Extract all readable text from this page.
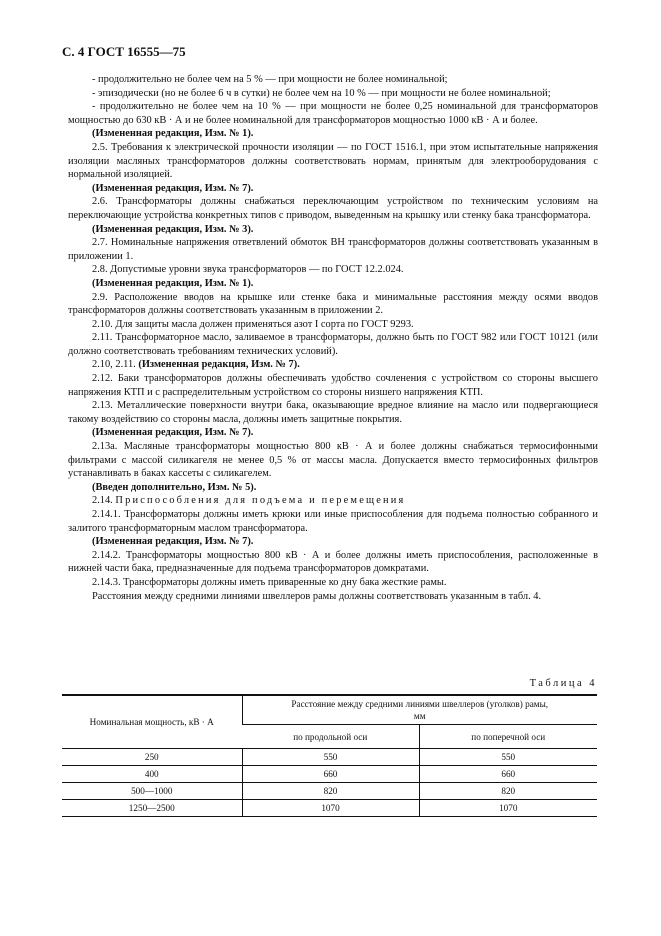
С. 4 ГОСТ 16555—75

- продолжительно не более чем на 5 % — при мощности не более номинальной;

- эпизодически (но не более 6 ч в сутки) не более чем на 10 % — при мощности не более номинальной;

- продолжительно не более чем на 10 % — при мощности не более 0,25 номинальной для трансформаторов мощностью до 630 кВ · А и не более номинальной для трансформаторов мощностью 1000 кВ · А и более.

(Измененная редакция, Изм. № 1).

2.5. Требования к электрической прочности изоляции — по ГОСТ 1516.1, при этом испытательные напряжения изоляции масляных трансформаторов должны соответствовать нормам, принятым для электрооборудования с нормальной изоляцией.

(Измененная редакция, Изм. № 7).

2.6. Трансформаторы должны снабжаться переключающим устройством по техническим условиям на переключающие устройства конкретных типов с приводом, выведенным на крышку или стенку бака трансформатора.

(Измененная редакция, Изм. № 3).

2.7. Номинальные напряжения ответвлений обмоток ВН трансформаторов должны соответствовать указанным в приложении 1.

2.8. Допустимые уровни звука трансформаторов — по ГОСТ 12.2.024.

(Измененная редакция, Изм. № 1).

2.9. Расположение вводов на крышке или стенке бака и минимальные расстояния между осями вводов трансформаторов должны соответствовать указанным в приложении 2.

2.10. Для защиты масла должен применяться азот I сорта по ГОСТ 9293.

2.11. Трансформаторное масло, заливаемое в трансформаторы, должно быть по ГОСТ 982 или ГОСТ 10121 (или должно соответствовать требованиям технических условий).

2.10, 2.11. (Измененная редакция, Изм. № 7).

2.12. Баки трансформаторов должны обеспечивать удобство сочленения с устройством со стороны высшего напряжения КТП и с распределительным устройством со стороны низшего напряжения КТП.

2.13. Металлические поверхности внутри бака, оказывающие вредное влияние на масло или подвергающиеся такому воздействию со стороны масла, должны иметь защитные покрытия.

(Измененная редакция, Изм. № 7).

2.13а. Масляные трансформаторы мощностью 800 кВ · А и более должны снабжаться термосифонными фильтрами с массой силикагеля не менее 0,5 % от массы масла. Допускается вместо термосифонных фильтров устанавливать в баках кассеты с силикагелем.

(Введен дополнительно, Изм. № 5).

2.14. Приспособления для подъема и перемещения

2.14.1. Трансформаторы должны иметь крюки или иные приспособления для подъема полностью собранного и залитого трансформаторным маслом трансформатора.

(Измененная редакция, Изм. № 7).

2.14.2. Трансформаторы мощностью 800 кВ · А и более должны иметь приспособления, расположенные в нижней части бака, предназначенные для подъема трансформаторов домкратами.

2.14.3. Трансформаторы должны иметь приваренные ко дну бака жесткие рамы.

Расстояния между средними линиями швеллеров рамы должны соответствовать указанным в табл. 4.

Таблица 4
Номинальная мощность, кВ · А	Расстояние между средними линиями швеллеров (уголков) рамы, мм	
	по продольной оси	по поперечной оси
250	550	550
400	660	660
500—1000	820	820
1250—2500	1070	1070
